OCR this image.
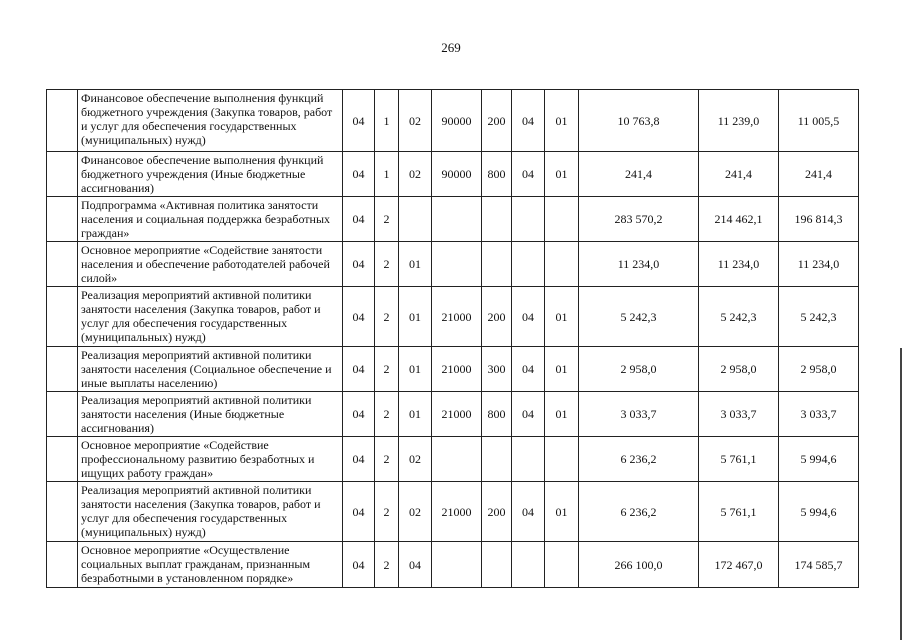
269
	Финансовое обеспечение выполнения функций бюджетного учреждения (Закупка товаров, работ и услуг для обеспечения государственных (муниципальных) нужд)	04	1	02	90000	200	04	01	10 763,8	11 239,0	11 005,5
	Финансовое обеспечение выполнения функций бюджетного учреждения (Иные бюджетные ассигнования)	04	1	02	90000	800	04	01	241,4	241,4	241,4
	Подпрограмма «Активная политика занятости населения и социальная поддержка безработных граждан»	04	2						283 570,2	214 462,1	196 814,3
	Основное мероприятие «Содействие занятости населения и обеспечение работодателей рабочей силой»	04	2	01					11 234,0	11 234,0	11 234,0
	Реализация мероприятий активной политики занятости населения (Закупка товаров, работ и услуг для обеспечения государственных (муниципальных) нужд)	04	2	01	21000	200	04	01	5 242,3	5 242,3	5 242,3
	Реализация мероприятий активной политики занятости населения (Социальное обеспечение и иные выплаты населению)	04	2	01	21000	300	04	01	2 958,0	2 958,0	2 958,0
	Реализация мероприятий активной политики занятости населения (Иные бюджетные ассигнования)	04	2	01	21000	800	04	01	3 033,7	3 033,7	3 033,7
	Основное мероприятие «Содействие профессиональному развитию безработных и ищущих работу граждан»	04	2	02					6 236,2	5 761,1	5 994,6
	Реализация мероприятий активной политики занятости населения (Закупка товаров, работ и услуг для обеспечения государственных (муниципальных) нужд)	04	2	02	21000	200	04	01	6 236,2	5 761,1	5 994,6
	Основное мероприятие «Осуществление социальных выплат гражданам, признанным безработными в установленном порядке»	04	2	04					266 100,0	172 467,0	174 585,7
